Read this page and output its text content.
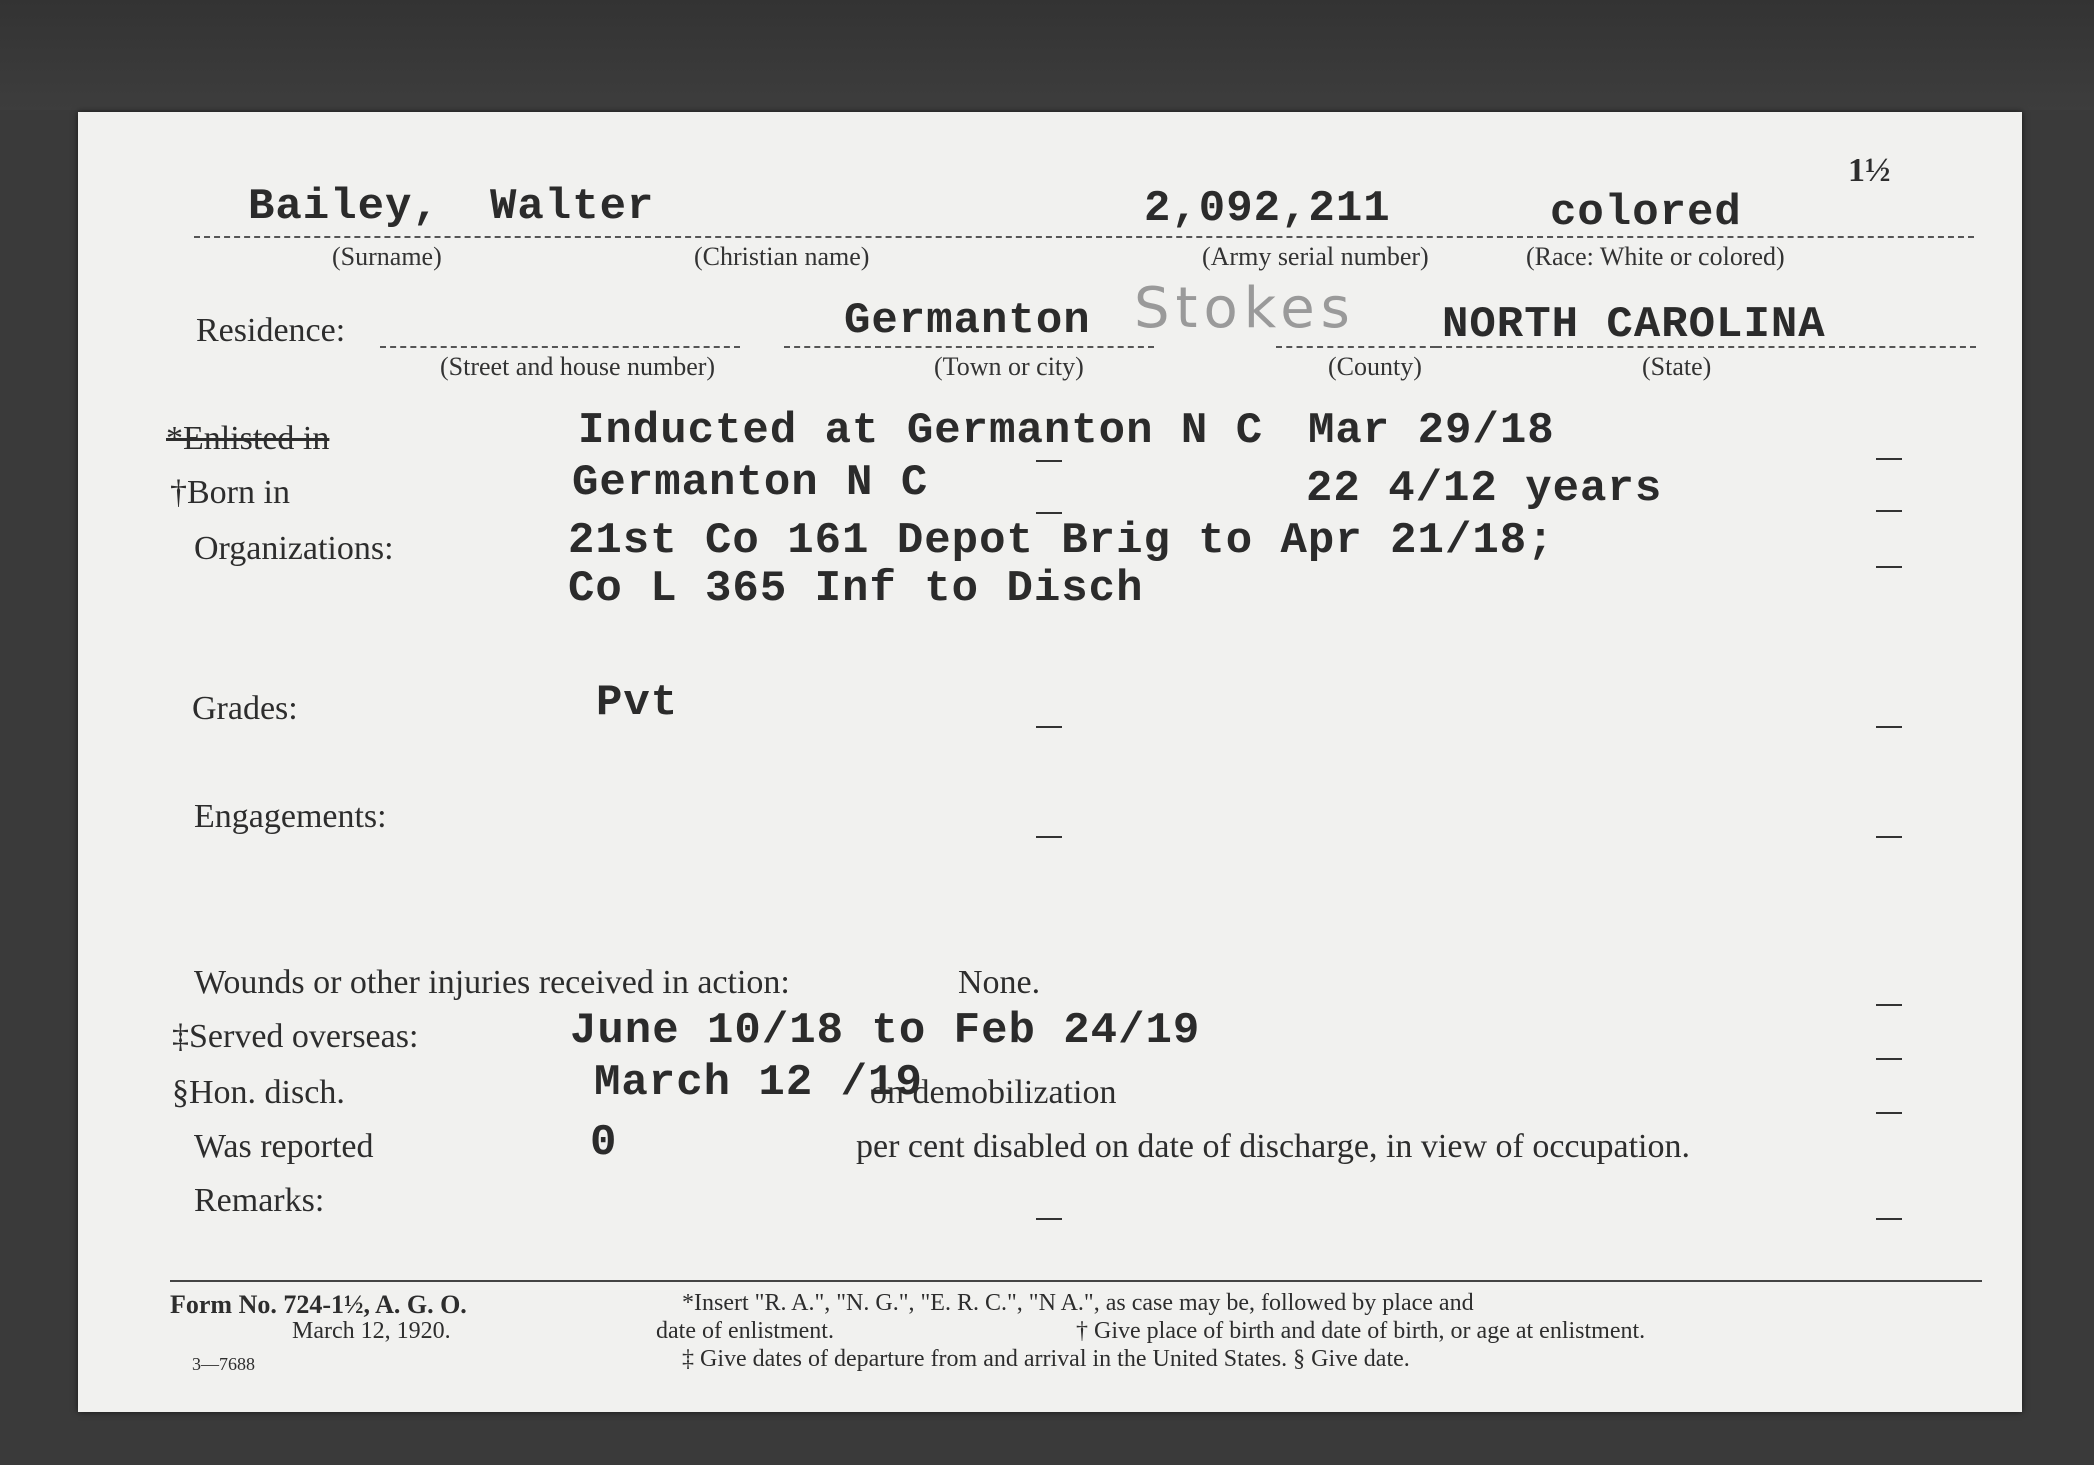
1½
Bailey, Walter	2,092,211	colored
(Surname)	(Christian name)	(Army serial number)	(Race: White or colored)
Residence:	Germanton Stokes NORTH CAROLINA
(Street and house number)	(Town or city)	(County)	(State)
*Enlisted in	Inducted at Germanton N C Mar 29/18
†Born in	Germanton N C	22 4/12 years
Organizations:	21st Co 161 Depot Brig to Apr 21/18;
Co L 365 Inf to Disch
Grades:	Pvt
Engagements:
Wounds or other injuries received in action:	None.
‡Served overseas:	June 10/18 to Feb 24/19
§Hon. disch.	March 12 /19
on demobilization
Was reported	0	per cent disabled on date of discharge, in view of occupation.
Remarks:
Form No. 724-1½, A. G. O.
March 12, 1920.
3—7688
*Insert "R. A.", "N. G.", "E. R. C.", "N A.", as case may be, followed by place and
date of enlistment.	† Give place of birth and date of birth, or age at enlistment.
‡ Give dates of departure from and arrival in the United States. § Give date.
